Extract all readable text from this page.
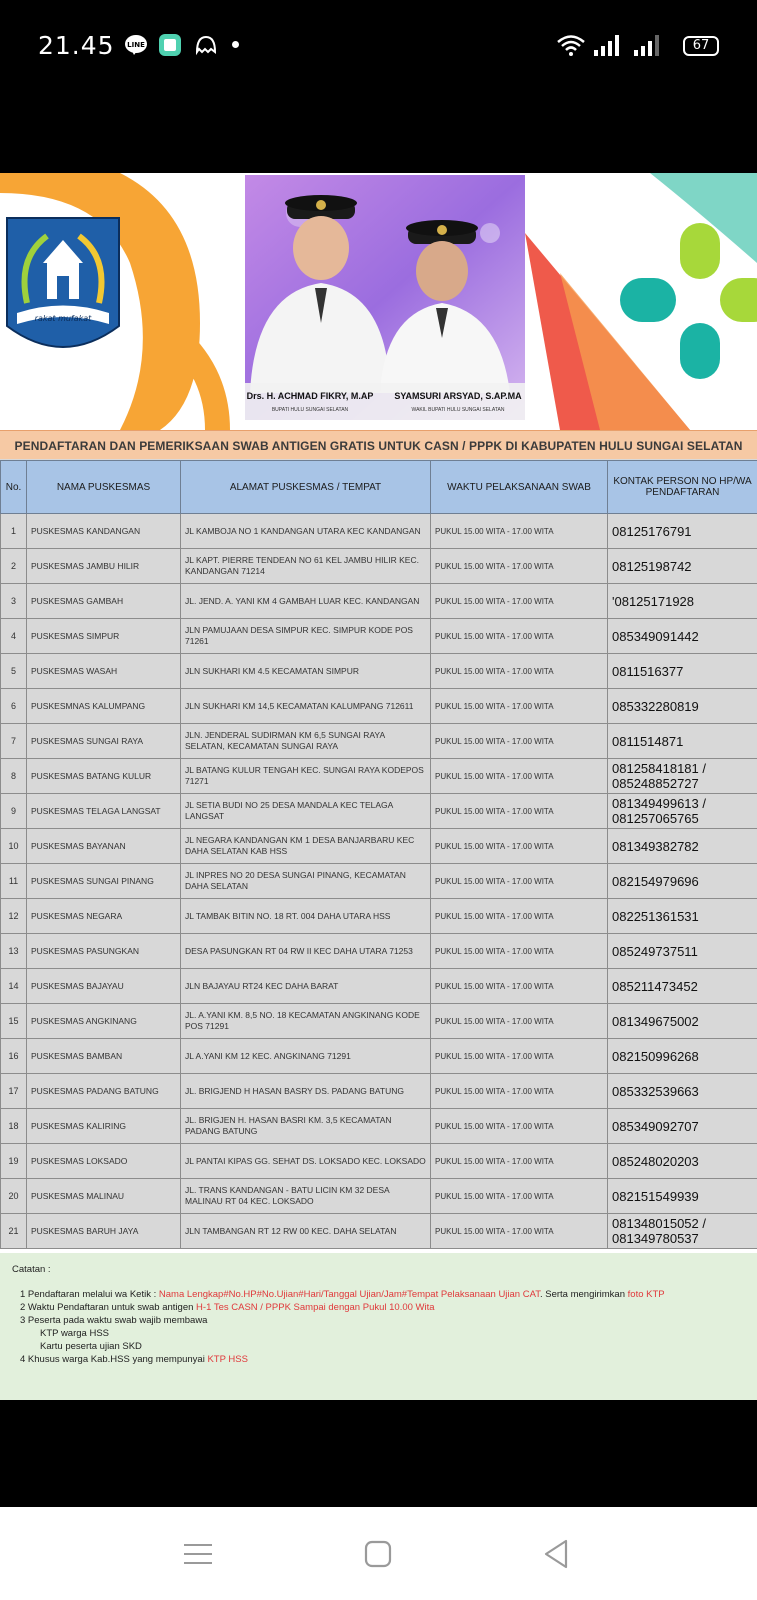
21.45 LINE	67
rakat mufakat
Drs. H. ACHMAD FIKRY, M.AP
BUPATI HULU SUNGAI SELATAN
SYAMSURI ARSYAD, S.AP.MA
WAKIL BUPATI HULU SUNGAI SELATAN
PENDAFTARAN DAN PEMERIKSAAN SWAB ANTIGEN GRATIS UNTUK CASN / PPPK DI KABUPATEN HULU SUNGAI SELATAN
No.	NAMA PUSKESMAS	ALAMAT PUSKESMAS / TEMPAT	WAKTU PELAKSANAAN SWAB	KONTAK PERSON NO HP/WA PENDAFTARAN
1	PUSKESMAS KANDANGAN	JL KAMBOJA NO 1 KANDANGAN UTARA KEC KANDANGAN	PUKUL 15.00 WITA - 17.00 WITA	08125176791
2	PUSKESMAS JAMBU HILIR	JL KAPT. PIERRE TENDEAN NO 61 KEL JAMBU HILIR KEC. KANDANGAN 71214	PUKUL 15.00 WITA - 17.00 WITA	08125198742
3	PUSKESMAS GAMBAH	JL. JEND. A. YANI KM 4 GAMBAH LUAR KEC. KANDANGAN	PUKUL 15.00 WITA - 17.00 WITA	'08125171928
4	PUSKESMAS SIMPUR	JLN PAMUJAAN DESA SIMPUR KEC. SIMPUR KODE POS 71261	PUKUL 15.00 WITA - 17.00 WITA	085349091442
5	PUSKESMAS WASAH	JLN SUKHARI KM 4.5 KECAMATAN SIMPUR	PUKUL 15.00 WITA - 17.00 WITA	0811516377
6	PUSKESMNAS KALUMPANG	JLN SUKHARI KM 14,5 KECAMATAN KALUMPANG 712611	PUKUL 15.00 WITA - 17.00 WITA	085332280819
7	PUSKESMAS SUNGAI RAYA	JLN. JENDERAL SUDIRMAN KM 6,5 SUNGAI RAYA SELATAN, KECAMATAN SUNGAI RAYA	PUKUL 15.00 WITA - 17.00 WITA	0811514871
8	PUSKESMAS BATANG KULUR	JL BATANG KULUR TENGAH KEC. SUNGAI RAYA KODEPOS 71271	PUKUL 15.00 WITA - 17.00 WITA	081258418181 / 085248852727
9	PUSKESMAS TELAGA LANGSAT	JL SETIA BUDI NO 25 DESA MANDALA KEC TELAGA LANGSAT	PUKUL 15.00 WITA - 17.00 WITA	081349499613 / 081257065765
10	PUSKESMAS BAYANAN	JL NEGARA KANDANGAN KM 1 DESA BANJARBARU KEC DAHA SELATAN KAB HSS	PUKUL 15.00 WITA - 17.00 WITA	081349382782
11	PUSKESMAS SUNGAI PINANG	JL INPRES NO 20 DESA SUNGAI PINANG, KECAMATAN DAHA SELATAN	PUKUL 15.00 WITA - 17.00 WITA	082154979696
12	PUSKESMAS NEGARA	JL TAMBAK BITIN NO. 18 RT. 004 DAHA UTARA HSS	PUKUL 15.00 WITA - 17.00 WITA	082251361531
13	PUSKESMAS PASUNGKAN	DESA PASUNGKAN RT 04 RW II KEC DAHA UTARA 71253	PUKUL 15.00 WITA - 17.00 WITA	085249737511
14	PUSKESMAS BAJAYAU	JLN BAJAYAU RT24 KEC DAHA BARAT	PUKUL 15.00 WITA - 17.00 WITA	085211473452
15	PUSKESMAS ANGKINANG	JL. A.YANI KM. 8,5 NO. 18 KECAMATAN ANGKINANG KODE POS 71291	PUKUL 15.00 WITA - 17.00 WITA	081349675002
16	PUSKESMAS BAMBAN	JL A.YANI KM 12 KEC. ANGKINANG 71291	PUKUL 15.00 WITA - 17.00 WITA	082150996268
17	PUSKESMAS PADANG BATUNG	JL. BRIGJEND H HASAN BASRY DS. PADANG BATUNG	PUKUL 15.00 WITA - 17.00 WITA	085332539663
18	PUSKESMAS KALIRING	JL. BRIGJEN H. HASAN BASRI KM. 3,5 KECAMATAN PADANG BATUNG	PUKUL 15.00 WITA - 17.00 WITA	085349092707
19	PUSKESMAS LOKSADO	JL PANTAI KIPAS GG. SEHAT DS. LOKSADO KEC. LOKSADO	PUKUL 15.00 WITA - 17.00 WITA	085248020203
20	PUSKESMAS MALINAU	JL. TRANS KANDANGAN - BATU LICIN KM 32 DESA MALINAU RT 04 KEC. LOKSADO	PUKUL 15.00 WITA - 17.00 WITA	082151549939
21	PUSKESMAS BARUH JAYA	JLN TAMBANGAN RT 12 RW 00 KEC. DAHA SELATAN	PUKUL 15.00 WITA - 17.00 WITA	081348015052 / 081349780537
Catatan :
1 Pendaftaran melalui wa Ketik : Nama Lengkap#No.HP#No.Ujian#Hari/Tanggal Ujian/Jam#Tempat Pelaksanaan Ujian CAT. Serta mengirimkan foto KTP
2 Waktu Pendaftaran untuk swab antigen H-1 Tes CASN / PPPK Sampai dengan Pukul 10.00 Wita
3 Peserta pada waktu swab wajib membawa
KTP warga HSS
Kartu peserta ujian SKD
4 Khusus warga Kab.HSS yang mempunyai KTP HSS
